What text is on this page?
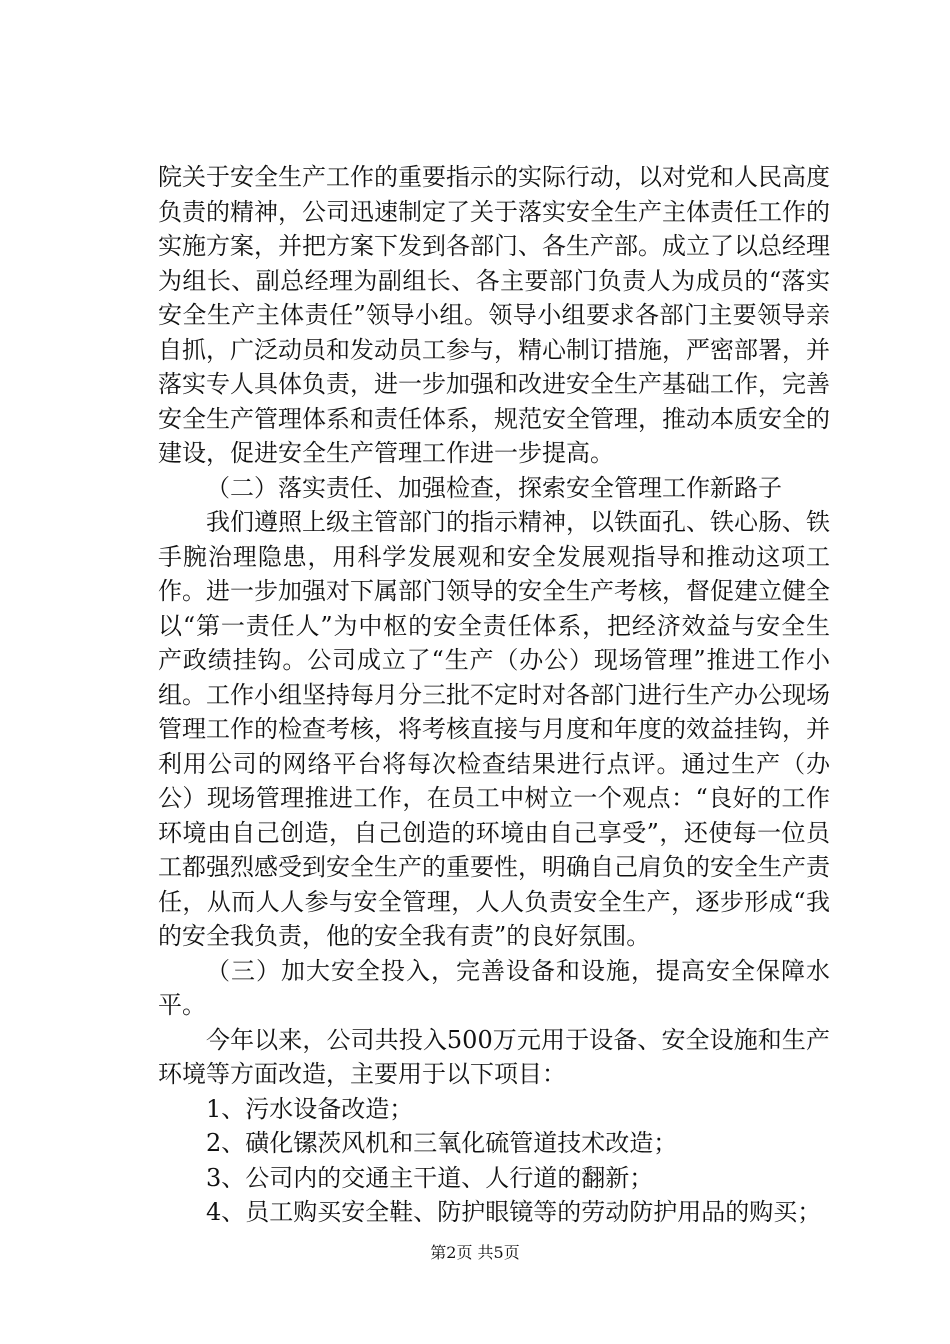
院关于安全生产工作的重要指示的实际行动，以对党和人民高度负责的精神，公司迅速制定了关于落实安全生产主体责任工作的实施方案，并把方案下发到各部门、各生产部。成立了以总经理为组长、副总经理为副组长、各主要部门负责人为成员的“落实安全生产主体责任”领导小组。领导小组要求各部门主要领导亲自抓，广泛动员和发动员工参与，精心制订措施，严密部署，并落实专人具体负责，进一步加强和改进安全生产基础工作，完善安全生产管理体系和责任体系，规范安全管理，推动本质安全的建设，促进安全生产管理工作进一步提高。

（二）落实责任、加强检查，探索安全管理工作新路子

我们遵照上级主管部门的指示精神，以铁面孔、铁心肠、铁手腕治理隐患，用科学发展观和安全发展观指导和推动这项工作。进一步加强对下属部门领导的安全生产考核，督促建立健全以“第一责任人”为中枢的安全责任体系，把经济效益与安全生产政绩挂钩。公司成立了“生产（办公）现场管理”推进工作小组。工作小组坚持每月分三批不定时对各部门进行生产办公现场管理工作的检查考核，将考核直接与月度和年度的效益挂钩，并利用公司的网络平台将每次检查结果进行点评。通过生产（办公）现场管理推进工作，在员工中树立一个观点：“良好的工作环境由自己创造，自己创造的环境由自己享受”，还使每一位员工都强烈感受到安全生产的重要性，明确自己肩负的安全生产责任，从而人人参与安全管理，人人负责安全生产，逐步形成“我的安全我负责，他的安全我有责”的良好氛围。

（三）加大安全投入，完善设备和设施，提高安全保障水平。

今年以来，公司共投入500万元用于设备、安全设施和生产环境等方面改造，主要用于以下项目：

1、污水设备改造；

2、磺化镙茨风机和三氧化硫管道技术改造；

3、公司内的交通主干道、人行道的翻新；

4、员工购买安全鞋、防护眼镜等的劳动防护用品的购买；

第2页 共5页
